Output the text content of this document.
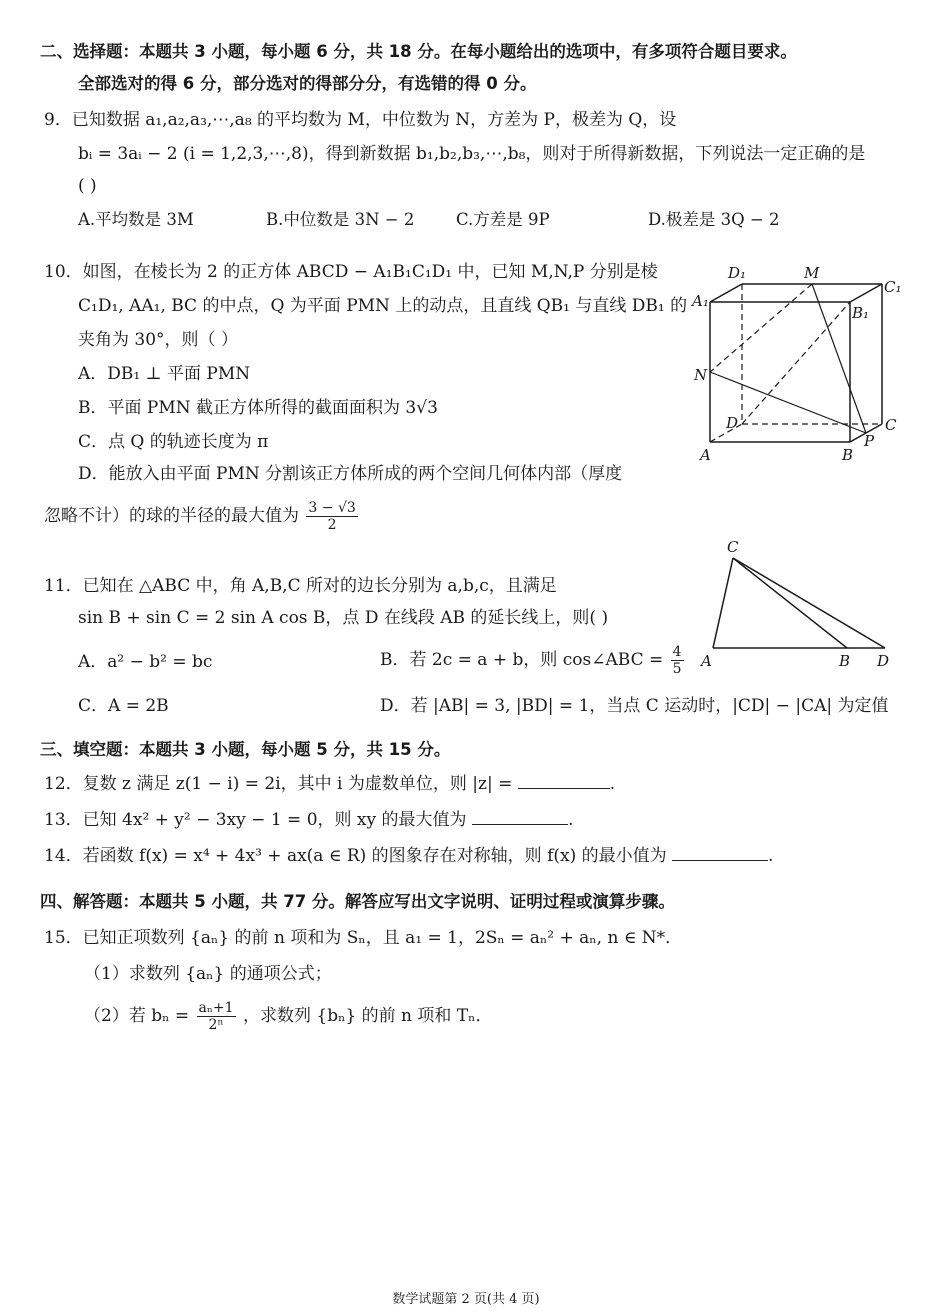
二、选择题：本题共 3 小题，每小题 6 分，共 18 分。在每小题给出的选项中，有多项符合题目要求。
全部选对的得 6 分，部分选对的得部分分，有选错的得 0 分。
9．已知数据 a₁,a₂,a₃,⋯,a₈ 的平均数为 M，中位数为 N，方差为 P，极差为 Q，设
bᵢ = 3aᵢ − 2 (i = 1,2,3,⋯,8)，得到新数据 b₁,b₂,b₃,⋯,b₈，则对于所得新数据，下列说法一定正确的是
( )
A.平均数是 3M	B.中位数是 3N − 2	C.方差是 9P	D.极差是 3Q − 2
10．如图，在棱长为 2 的正方体 ABCD − A₁B₁C₁D₁ 中，已知 M,N,P 分别是棱
C₁D₁, AA₁, BC 的中点，Q 为平面 PMN 上的动点，且直线 QB₁ 与直线 DB₁ 的
夹角为 30°，则（ ）
A．DB₁ ⊥ 平面 PMN
B．平面 PMN 截正方体所得的截面面积为 3√3
C．点 Q 的轨迹长度为 π
D．能放入由平面 PMN 分割该正方体所成的两个空间几何体内部（厚度
忽略不计）的球的半径的最大值为 $\frac{3 - √3}{2}$
D₁	M
C₁
A₁
B₁
N
D	C
P
A	B
11．已知在 △ABC 中，角 A,B,C 所对的边长分别为 a,b,c，且满足
sin B + sin C = 2 sin A cos B，点 D 在线段 AB 的延长线上，则( )
A．a² − b² = bc	B．若 2c = a + b，则 cos∠ABC = $\frac{4}{5}$
C．A = 2B	D．若 |AB| = 3, |BD| = 1，当点 C 运动时，|CD| − |CA| 为定值
C
A	B D
三、填空题：本题共 3 小题，每小题 5 分，共 15 分。
12．复数 z 满足 z(1 − i) = 2i，其中 i 为虚数单位，则 |z| =	.
13．已知 4x² + y² − 3xy − 1 = 0，则 xy 的最大值为	.
14．若函数 f(x) = x⁴ + 4x³ + ax(a ∈ R) 的图象存在对称轴，则 f(x) 的最小值为	.
四、解答题：本题共 5 小题，共 77 分。解答应写出文字说明、证明过程或演算步骤。
15．已知正项数列 {aₙ} 的前 n 项和为 Sₙ，且 a₁ = 1，2Sₙ = aₙ² + aₙ, n ∈ N*．
（1）求数列 {aₙ} 的通项公式；
（2）若 $b_n = \frac{\text{aₙ+1}}{\text{2ⁿ}}$ ，求数列 {bₙ} 的前 n 项和 Tₙ．
数学试题第 2 页(共 4 页)
